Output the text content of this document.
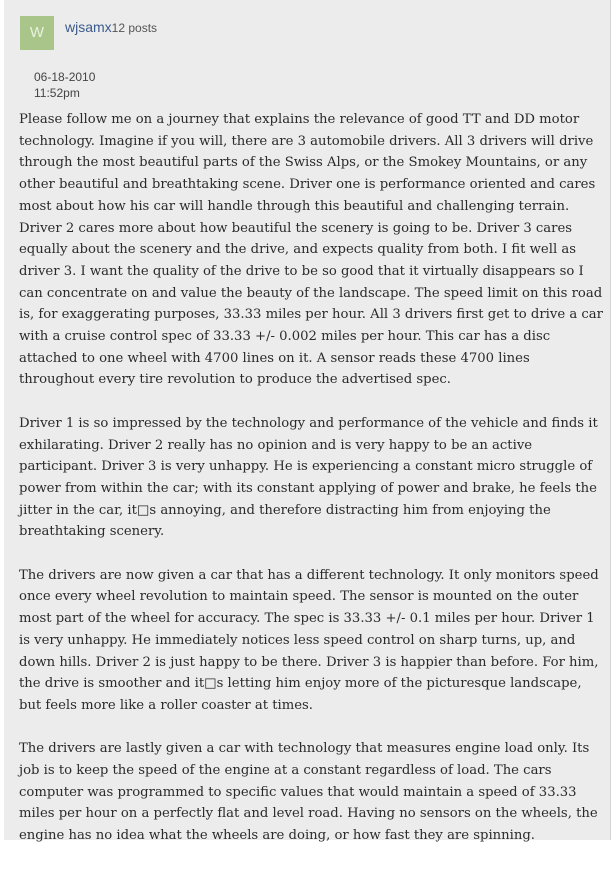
W	wjsamx12 posts
06-18-2010
11:52pm

Please follow me on a journey that explains the relevance of good TT and DD motor technology. Imagine if you will, there are 3 automobile drivers. All 3 drivers will drive through the most beautiful parts of the Swiss Alps, or the Smokey Mountains, or any other beautiful and breathtaking scene. Driver one is performance oriented and cares most about how his car will handle through this beautiful and challenging terrain. Driver 2 cares more about how beautiful the scenery is going to be. Driver 3 cares equally about the scenery and the drive, and expects quality from both. I fit well as driver 3. I want the quality of the drive to be so good that it virtually disappears so I can concentrate on and value the beauty of the landscape. The speed limit on this road is, for exaggerating purposes, 33.33 miles per hour. All 3 drivers first get to drive a car with a cruise control spec of 33.33 +/- 0.002 miles per hour. This car has a disc attached to one wheel with 4700 lines on it. A sensor reads these 4700 lines throughout every tire revolution to produce the advertised spec.

Driver 1 is so impressed by the technology and performance of the vehicle and finds it exhilarating. Driver 2 really has no opinion and is very happy to be an active participant. Driver 3 is very unhappy. He is experiencing a constant micro struggle of power from within the car; with its constant applying of power and brake, he feels the jitter in the car, it□s annoying, and therefore distracting him from enjoying the breathtaking scenery.

The drivers are now given a car that has a different technology. It only monitors speed once every wheel revolution to maintain speed. The sensor is mounted on the outer most part of the wheel for accuracy. The spec is 33.33 +/- 0.1 miles per hour. Driver 1 is very unhappy. He immediately notices less speed control on sharp turns, up, and down hills. Driver 2 is just happy to be there. Driver 3 is happier than before. For him, the drive is smoother and it□s letting him enjoy more of the picturesque landscape, but feels more like a roller coaster at times.

The drivers are lastly given a car with technology that measures engine load only. Its job is to keep the speed of the engine at a constant regardless of load. The cars computer was programmed to specific values that would maintain a speed of 33.33 miles per hour on a perfectly flat and level road. Having no sensors on the wheels, the engine has no idea what the wheels are doing, or how fast they are spinning.
